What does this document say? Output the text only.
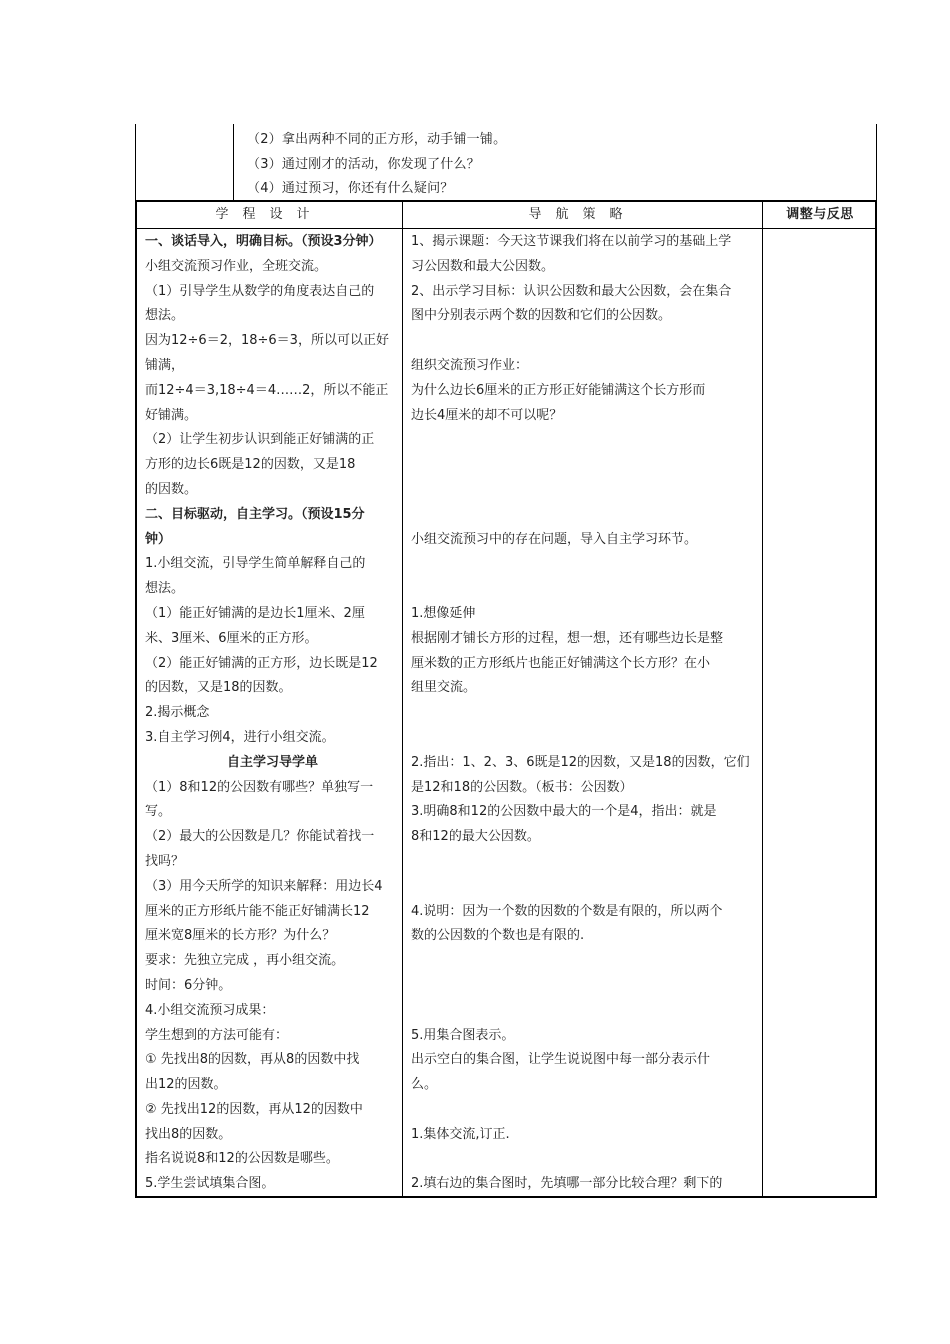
（2）拿出两种不同的正方形，动手铺一铺。
（3）通过刚才的活动，你发现了什么？
（4）通过预习，你还有什么疑问？
学程设计	导航策略	调整与反思
一、谈话导入，明确目标。（预设3分钟）
小组交流预习作业，全班交流。
（1）引导学生从数学的角度表达自己的
想法。
因为12÷6＝2，18÷6＝3，所以可以正好
铺满，
而12÷4＝3,18÷4＝4……2，所以不能正
好铺满。
（2）让学生初步认识到能正好铺满的正
方形的边长6既是12的因数，又是18
的因数。
二、目标驱动，自主学习。（预设15分
钟）
1.小组交流，引导学生简单解释自己的
想法。
（1）能正好铺满的是边长1厘米、2厘
米、3厘米、6厘米的正方形。
（2）能正好铺满的正方形，边长既是12
的因数，又是18的因数。
2.揭示概念
3.自主学习例4，进行小组交流。
自主学习导学单
（1）8和12的公因数有哪些？单独写一
写。
（2）最大的公因数是几？你能试着找一
找吗？
（3）用今天所学的知识来解释：用边长4
厘米的正方形纸片能不能正好铺满长12
厘米宽8厘米的长方形？为什么？
要求：先独立完成 ，再小组交流。
时间：6分钟。
4.小组交流预习成果：
学生想到的方法可能有：
① 先找出8的因数，再从8的因数中找
出12的因数。
② 先找出12的因数，再从12的因数中
找出8的因数。
指名说说8和12的公因数是哪些。
5.学生尝试填集合图。
1、揭示课题：今天这节课我们将在以前学习的基础上学
习公因数和最大公因数。
2、出示学习目标：认识公因数和最大公因数，会在集合
图中分别表示两个数的因数和它们的公因数。
组织交流预习作业：
为什么边长6厘米的正方形正好能铺满这个长方形而
边长4厘米的却不可以呢？
小组交流预习中的存在问题，导入自主学习环节。
1.想像延伸
根据刚才铺长方形的过程，想一想，还有哪些边长是整
厘米数的正方形纸片也能正好铺满这个长方形？在小
组里交流。
2.指出：1、2、3、6既是12的因数，又是18的因数，它们
是12和18的公因数。（板书：公因数）
3.明确8和12的公因数中最大的一个是4，指出：就是
8和12的最大公因数。
4.说明：因为一个数的因数的个数是有限的，所以两个
数的公因数的个数也是有限的.
5.用集合图表示。
出示空白的集合图，让学生说说图中每一部分表示什
么。
1.集体交流,订正.
2.填右边的集合图时，先填哪一部分比较合理？剩下的
